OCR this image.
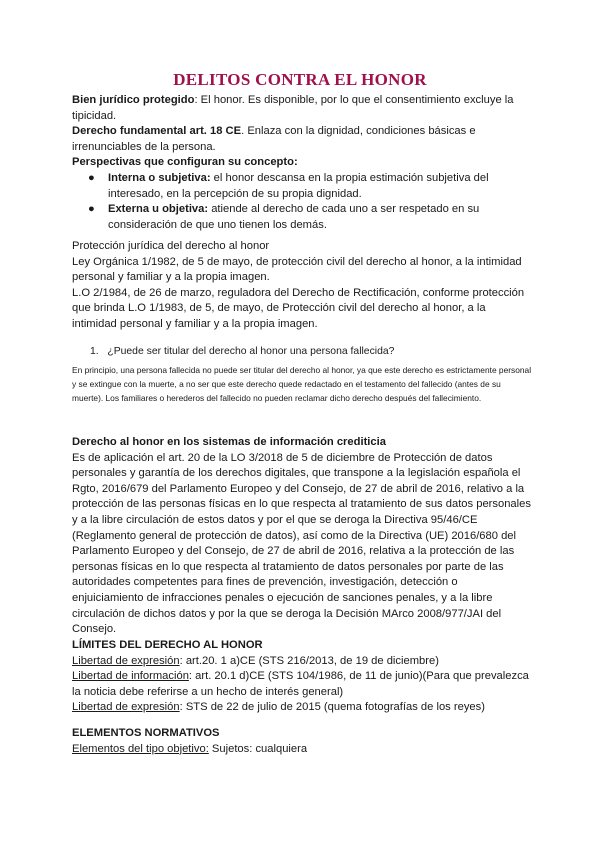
DELITOS CONTRA EL HONOR
Bien jurídico protegido: El honor. Es disponible, por lo que el consentimiento excluye la tipicidad.
Derecho fundamental art. 18 CE. Enlaza con la dignidad, condiciones básicas e irrenunciables de la persona.
Perspectivas que configuran su concepto:
● Interna o subjetiva: el honor descansa en la propia estimación subjetiva del interesado, en la percepción de su propia dignidad.
● Externa u objetiva: atiende al derecho de cada uno a ser respetado en su consideración de que uno tienen los demás.
Protección jurídica del derecho al honor
Ley Orgánica 1/1982, de 5 de mayo, de protección civil del derecho al honor, a la intimidad personal y familiar y a la propia imagen.
L.O 2/1984, de 26 de marzo, reguladora del Derecho de Rectificación, conforme protección que brinda L.O 1/1983, de 5, de mayo, de Protección civil del derecho al honor, a la intimidad personal y familiar y a la propia imagen.
1. ¿Puede ser titular del derecho al honor una persona fallecida?
En principio, una persona fallecida no puede ser titular del derecho al honor, ya que este derecho es estrictamente personal y se extingue con la muerte, a no ser que este derecho quede redactado en el testamento del fallecido (antes de su muerte). Los familiares o herederos del fallecido no pueden reclamar dicho derecho después del fallecimiento.
Derecho al honor en los sistemas de información crediticia
Es de aplicación el art. 20 de la LO 3/2018 de 5 de diciembre de Protección de datos personales y garantía de los derechos digitales, que transpone a la legislación española el Rgto, 2016/679 del Parlamento Europeo y del Consejo, de 27 de abril de 2016, relativo a la protección de las personas físicas en lo que respecta al tratamiento de sus datos personales y a la libre circulación de estos datos y por el que se deroga la Directiva 95/46/CE (Reglamento general de protección de datos), así como de la Directiva (UE) 2016/680 del Parlamento Europeo y del Consejo, de 27 de abril de 2016, relativa a la protección de las personas físicas en lo que respecta al tratamiento de datos personales por parte de las autoridades competentes para fines de prevención, investigación, detección o enjuiciamiento de infracciones penales o ejecución de sanciones penales, y a la libre circulación de dichos datos y por la que se deroga la Decisión MArco 2008/977/JAI del Consejo.
LÍMITES DEL DERECHO AL HONOR
Libertad de expresión: art.20. 1 a)CE (STS 216/2013, de 19 de diciembre)
Libertad de información: art. 20.1 d)CE (STS 104/1986, de 11 de junio)(Para que prevalezca la noticia debe referirse a un hecho de interés general)
Libertad de expresión: STS de 22 de julio de 2015 (quema fotografías de los reyes)
ELEMENTOS NORMATIVOS
Elementos del tipo objetivo: Sujetos: cualquiera
